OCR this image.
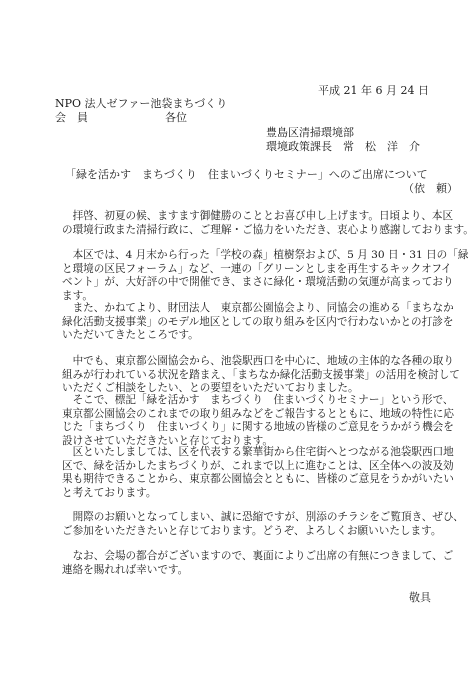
平成 21 年 6 月 24 日
NPO 法人ゼファー池袋まちづくり
会　員　　　　　　　各位
豊島区清掃環境部
環境政策課長　常　松　洋　介
「緑を活かす　まちづくり　住まいづくりセミナー」へのご出席について
（依　頼）
　拝啓、初夏の候、ますます御健勝のこととお喜び申し上げます。日頃より、本区
の環境行政また清掃行政に、ご理解・ご協力をいただき、衷心より感謝しております。
　本区では、4 月末から行った「学校の森」植樹祭および、5 月 30 日・31 日の「緑
と環境の区民フォーラム」など、一連の「グリーンとしまを再生するキックオフイ
ベント」が、大好評の中で開催でき、まさに緑化・環境活動の気運が高まっており
ます。
　また、かねてより、財団法人　東京都公園協会より、同協会の進める「まちなか
緑化活動支援事業」のモデル地区としての取り組みを区内で行わないかとの打診を
いただいてきたところです。
　中でも、東京都公園協会から、池袋駅西口を中心に、地域の主体的な各種の取り
組みが行われている状況を踏まえ、「まちなか緑化活動支援事業」の活用を検討して
いただくご相談をしたい、との要望をいただいておりました。
　そこで、標記「緑を活かす　まちづくり　住まいづくりセミナー」という形で、
東京都公園協会のこれまでの取り組みなどをご報告するとともに、地域の特性に応
じた「まちづくり　住まいづくり」に関する地域の皆様のご意見をうかがう機会を
設けさせていただきたいと存じております。
　区といたしましては、区を代表する繁華街から住宅街へとつながる池袋駅西口地
区で、緑を活かしたまちづくりが、これまで以上に進むことは、区全体への波及効
果も期待できることから、東京都公園協会とともに、皆様のご意見をうかがいたい
と考えております。
　開際のお願いとなってしまい、誠に恐縮ですが、別添のチラシをご覧頂き、ぜひ、
ご参加をいただきたいと存じております。どうぞ、よろしくお願いいたします。
　なお、会場の都合がございますので、裏面によりご出席の有無につきまして、ご
連絡を賜れれば幸いです。
敬具
